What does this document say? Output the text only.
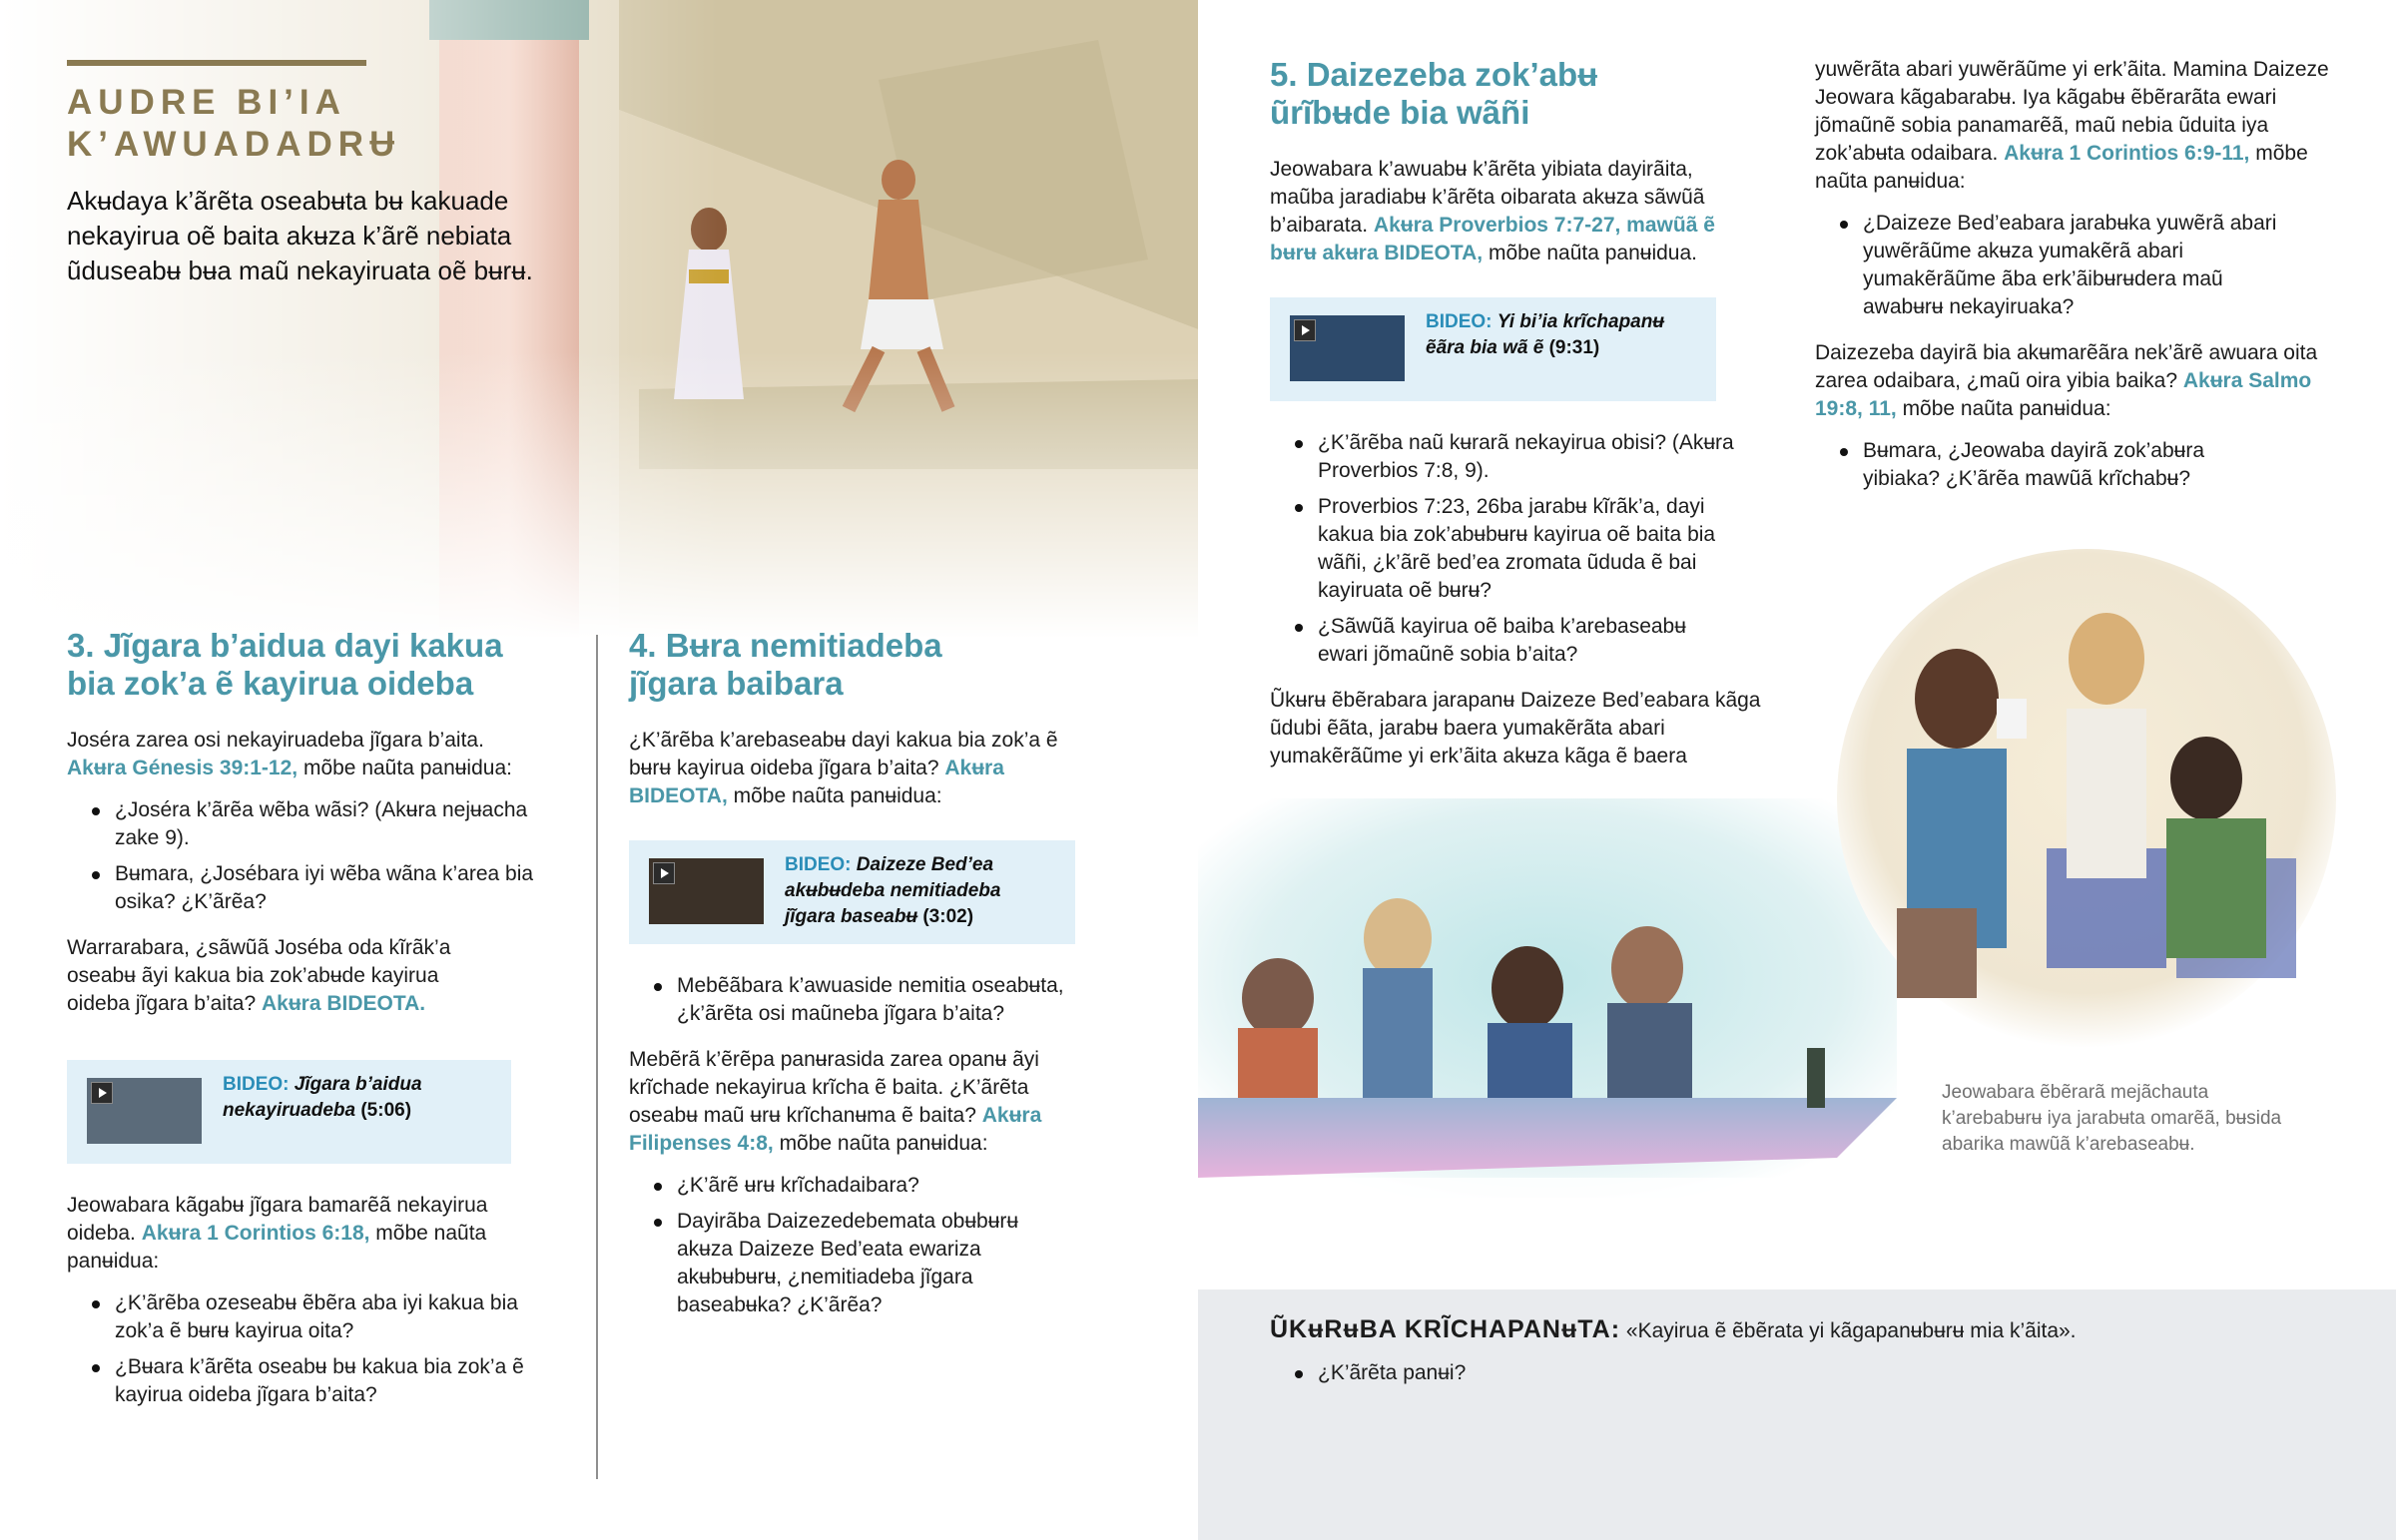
AUDRE BI’IA
K’AWUADADRɄ
Akʉdaya k’ãrẽta oseabʉta bʉ kakuade nekayirua oẽ baita akʉza k’ãrẽ nebiata ũduseabʉ bʉa maũ nekayiruata oẽ bʉrʉ.
3. Jĩgara b’aidua dayi kakua
bia zok’a ẽ kayirua oideba

Joséra zarea osi nekayiruadeba jĩgara b’aita.
Akʉra Génesis 39:1-12, mõbe naũta panʉidua:

¿Joséra k’ãrẽa wẽba wãsi? (Akʉra nejʉacha zake 9).
Bʉmara, ¿Josébara iyi wẽba wãna k’area bia osika? ¿K’ãrẽa?

Warrarabara, ¿sãwũã Joséba oda kĩrãk’a oseabʉ ãyi kakua bia zok’abʉde kayirua oideba jĩgara b’aita? Akʉra BIDEOTA.

BIDEO: Jĩgara b’aidua nekayiruadeba (5:06)

Jeowabara kãgabʉ jĩgara bamarẽã nekayirua oideba. Akʉra 1 Corintios 6:18, mõbe naũta panʉidua:

¿K’ãrẽba ozeseabʉ ẽbẽra aba iyi kakua bia zok’a ẽ bʉrʉ kayirua oita?
¿Bʉara k’ãrẽta oseabʉ bʉ kakua bia zok’a ẽ kayirua oideba jĩgara b’aita?
4. Bʉra nemitiadeba
jĩgara baibara

¿K’ãrẽba k’arebaseabʉ dayi kakua bia zok’a ẽ bʉrʉ kayirua oideba jĩgara b’aita? Akʉra BIDEOTA, mõbe naũta panʉidua:

BIDEO: Daizeze Bed’ea akʉbʉdeba nemitiadeba jĩgara baseabʉ (3:02)
Mebẽãbara k’awuaside nemitia oseabʉta, ¿k’ãrẽta osi maũneba jĩgara b’aita?

Mebẽrã k’ẽrẽpa panʉrasida zarea opanʉ ãyi krĩchade nekayirua krĩcha ẽ baita. ¿K’ãrẽta oseabʉ maũ ʉrʉ krĩchanʉma ẽ baita? Akʉra Filipenses 4:8, mõbe naũta panʉidua:

¿K’ãrẽ ʉrʉ krĩchadaibara?
Dayirãba Daizezedebemata obʉbʉrʉ akʉza Daizeze Bed’eata ewariza akʉbʉbʉrʉ, ¿nemitiadeba jĩgara baseabʉka? ¿K’ãrẽa?
5. Daizezeba zok’abʉ
ũrĩbʉde bia wãñi

Jeowabara k’awuabʉ k’ãrẽta yibiata dayirãita, maũba jaradiabʉ k’ãrẽta oibarata akʉza sãwũã b’aibarata. Akʉra Proverbios 7:7-27, mawũã ẽ bʉrʉ akʉra BIDEOTA, mõbe naũta panʉidua.

BIDEO: Yi bi’ia krĩchapanʉ ẽãra bia wã ẽ (9:31)
¿K’ãrẽba naũ kʉrarã nekayirua obisi? (Akʉra Proverbios 7:8, 9).
Proverbios 7:23, 26ba jarabʉ kĩrãk’a, dayi kakua bia zok’abʉbʉrʉ kayirua oẽ baita bia wãñi, ¿k’ãrẽ bed’ea zromata ũduda ẽ bai kayiruata oẽ bʉrʉ?
¿Sãwũã kayirua oẽ baiba k’arebaseabʉ ewari jõmaũnẽ sobia b’aita?

Ũkʉrʉ ẽbẽrabara jarapanʉ Daizeze Bed’eabara kãga ũdubi ẽãta, jarabʉ baera yumakẽrãta abari yumakẽrãũme yi erk’ãita akʉza kãga ẽ baera

yuwẽrãta abari yuwẽrãũme yi erk’ãita. Mamina Daizeze Jeowara kãgabarabʉ. Iya kãgabʉ ẽbẽrarãta ewari jõmaũnẽ sobia panamarẽã, maũ nebia ũduita iya zok’abʉta odaibara. Akʉra 1 Corintios 6:9-11, mõbe naũta panʉidua:

¿Daizeze Bed’eabara jarabʉka yuwẽrã abari yuwẽrãũme akʉza yumakẽrã abari yumakẽrãũme ãba erk’ãibʉrʉdera maũ awabʉrʉ nekayiruaka?

Daizezeba dayirã bia akʉmarẽãra nek’ãrẽ awuara oita zarea odaibara, ¿maũ oira yibia baika? Akʉra Salmo 19:8, 11, mõbe naũta panʉidua:

Bʉmara, ¿Jeowaba dayirã zok’abʉra yibiaka? ¿K’ãrẽa mawũã krĩchabʉ?
Jeowabara ẽbẽrarã mejãchauta k’arebabʉrʉ iya jarabʉta omarẽã, bʉsida abarika mawũã k’arebaseabʉ.
ŨKʉRʉBA KRĨCHAPANʉTA: «Kayirua ẽ ẽbẽrata yi kãgapanʉbʉrʉ mia k’ãita».
¿K’ãrẽta panʉi?
